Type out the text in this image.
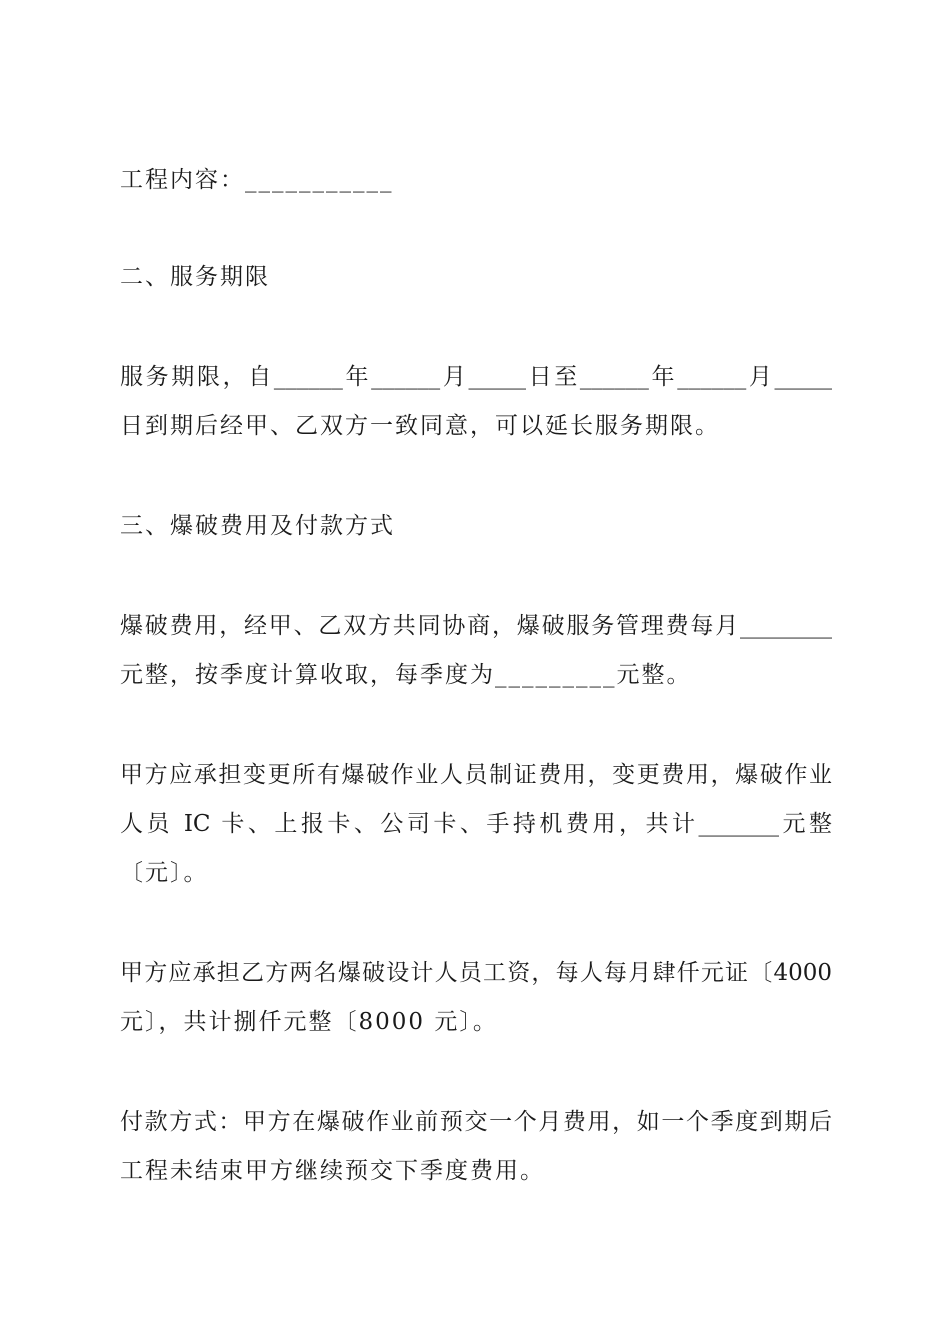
工程内容：___________
二、服务期限
服务期限，自______年______月_____日至______年______月_____
日到期后经甲、乙双方一致同意，可以延长服务期限。
三、爆破费用及付款方式
爆破费用，经甲、乙双方共同协商，爆破服务管理费每月________
元整，按季度计算收取，每季度为_________元整。
甲方应承担变更所有爆破作业人员制证费用，变更费用，爆破作业
人员 IC 卡、上报卡、公司卡、手持机费用，共计_______元整
〔元〕。
甲方应承担乙方两名爆破设计人员工资，每人每月肆仟元证〔4000
元〕，共计捌仟元整〔8000 元〕。
付款方式：甲方在爆破作业前预交一个月费用，如一个季度到期后
工程未结束甲方继续预交下季度费用。
